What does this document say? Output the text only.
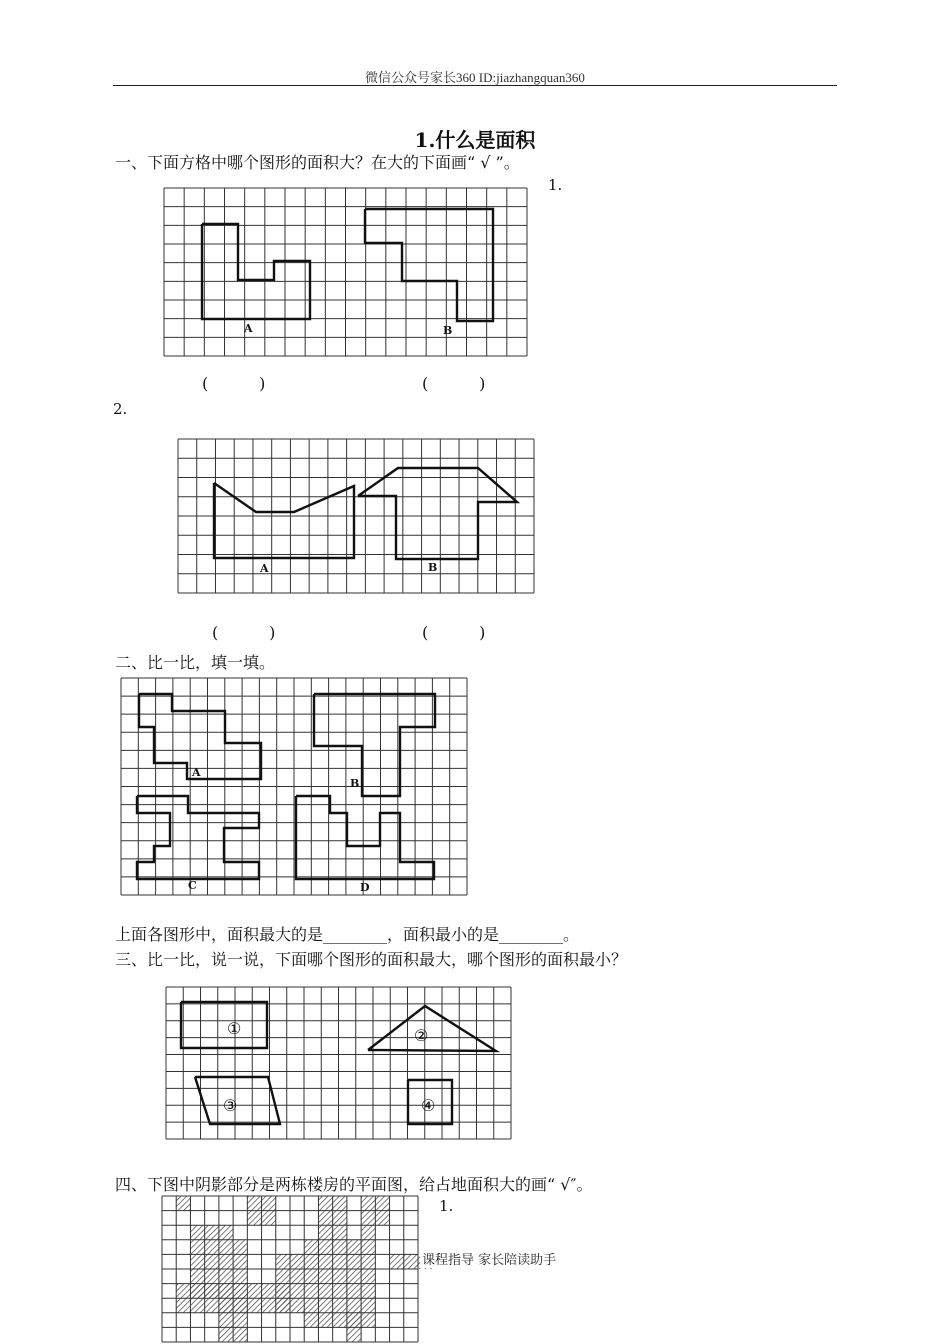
微信公众号家长360 ID:jiazhangquan360
1.什么是面积
一、下面方格中哪个图形的面积大？在大的下面画“ √ ”。
1.
A	B
(          )	(          )
2.
A	B
(          )	(          )
二、比一比，填一填。
A
B
C	D
上面各图形中，面积最大的是________，面积最小的是________。
三、比一比，说一说，下面哪个图形的面积最大，哪个图形的面积最小？
①	②
③	④
四、下图中阴影部分是两栋楼房的平面图，给占地面积大的画“ √″。
1.
课程指导 家长陪读助手
